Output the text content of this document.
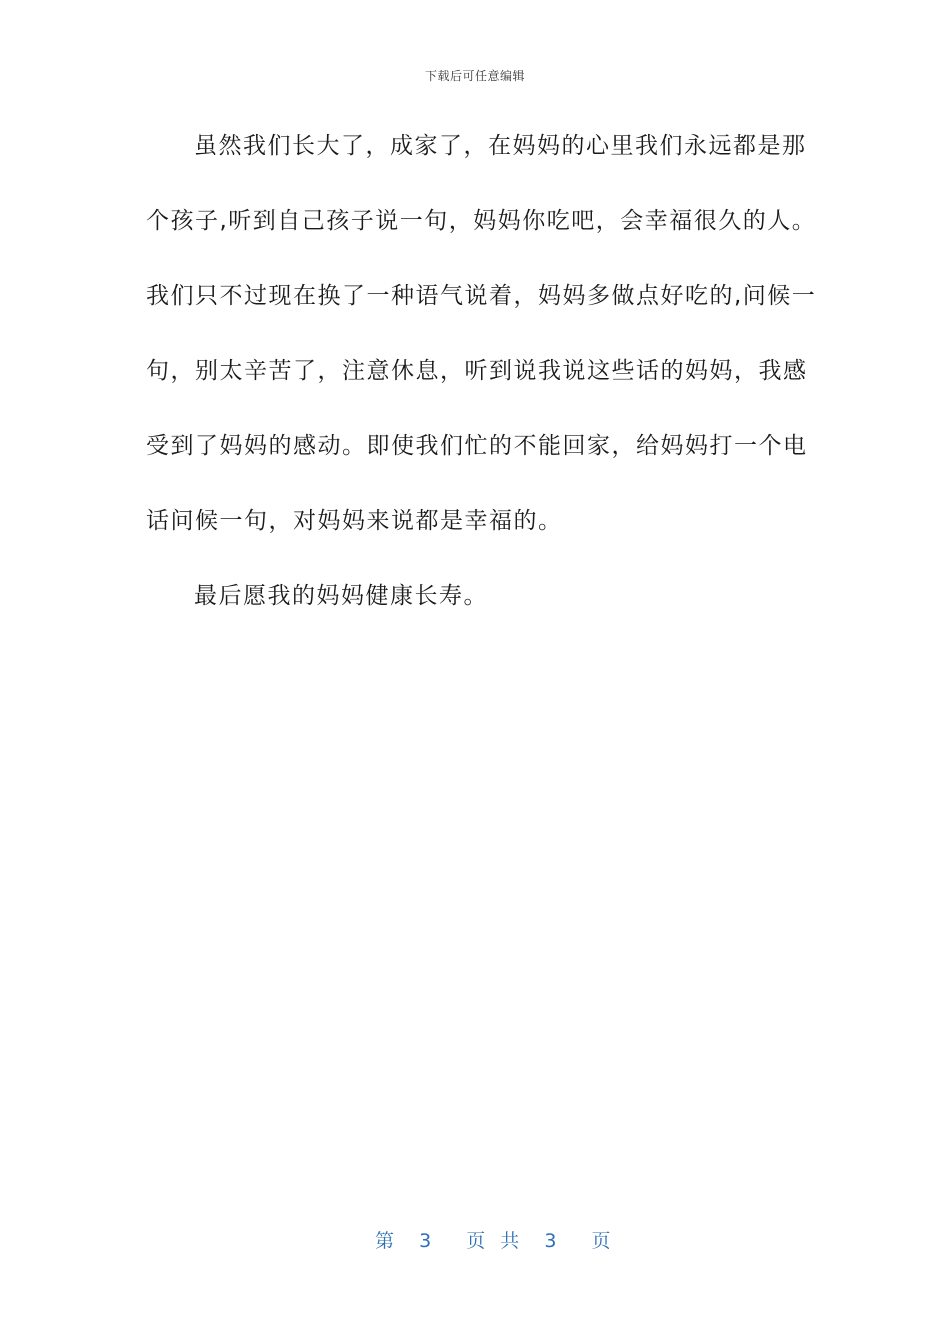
下载后可任意编辑
虽然我们长大了，成家了，在妈妈的心里我们永远都是那
个孩子,听到自己孩子说一句，妈妈你吃吧，会幸福很久的人。
我们只不过现在换了一种语气说着，妈妈多做点好吃的,问候一
句，别太辛苦了，注意休息，听到说我说这些话的妈妈，我感
受到了妈妈的感动。即使我们忙的不能回家，给妈妈打一个电
话问候一句，对妈妈来说都是幸福的。
最后愿我的妈妈健康长寿。
第 3 页 共 3 页
